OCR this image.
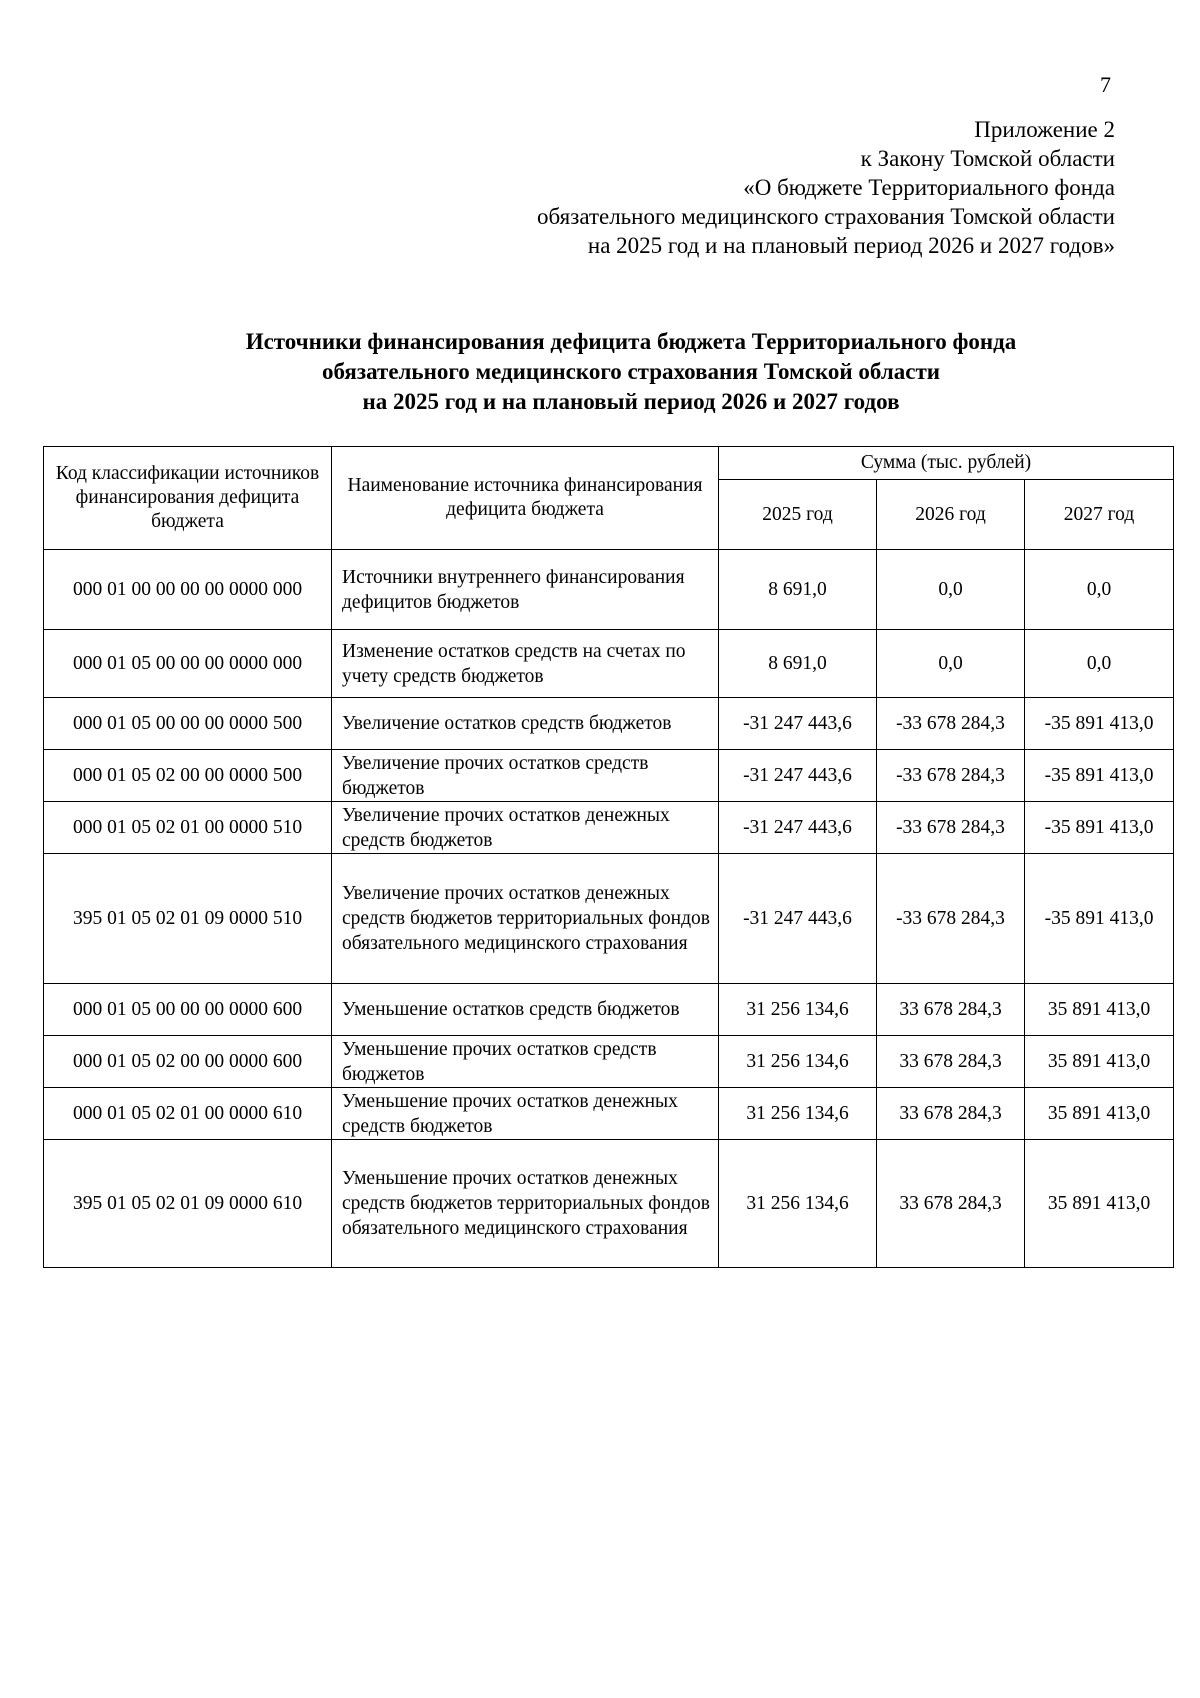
7
Приложение 2
к Закону Томской области
«О бюджете Территориального фонда
обязательного медицинского страхования Томской области
на 2025 год и на плановый период 2026 и 2027 годов»
Источники финансирования дефицита бюджета Территориального фонда
обязательного медицинского страхования Томской области
на 2025 год и на плановый период 2026 и 2027 годов
Код классификации источников финансирования дефицита бюджета	Наименование источника финансирования дефицита бюджета	Сумма (тыс. рублей)		
		2025 год	2026 год	2027 год
000 01 00 00 00 00 0000 000	Источники внутреннего финансирования дефицитов бюджетов	8 691,0	0,0	0,0
000 01 05 00 00 00 0000 000	Изменение остатков средств на счетах по учету средств бюджетов	8 691,0	0,0	0,0
000 01 05 00 00 00 0000 500	Увеличение остатков средств бюджетов	-31 247 443,6	-33 678 284,3	-35 891 413,0
000 01 05 02 00 00 0000 500	Увеличение прочих остатков средств бюджетов	-31 247 443,6	-33 678 284,3	-35 891 413,0
000 01 05 02 01 00 0000 510	Увеличение прочих остатков денежных средств бюджетов	-31 247 443,6	-33 678 284,3	-35 891 413,0
395 01 05 02 01 09 0000 510	Увеличение прочих остатков денежных средств бюджетов территориальных фондов обязательного медицинского страхования	-31 247 443,6	-33 678 284,3	-35 891 413,0
000 01 05 00 00 00 0000 600	Уменьшение остатков средств бюджетов	31 256 134,6	33 678 284,3	35 891 413,0
000 01 05 02 00 00 0000 600	Уменьшение прочих остатков средств бюджетов	31 256 134,6	33 678 284,3	35 891 413,0
000 01 05 02 01 00 0000 610	Уменьшение прочих остатков денежных средств бюджетов	31 256 134,6	33 678 284,3	35 891 413,0
395 01 05 02 01 09 0000 610	Уменьшение прочих остатков денежных средств бюджетов территориальных фондов обязательного медицинского страхования	31 256 134,6	33 678 284,3	35 891 413,0
